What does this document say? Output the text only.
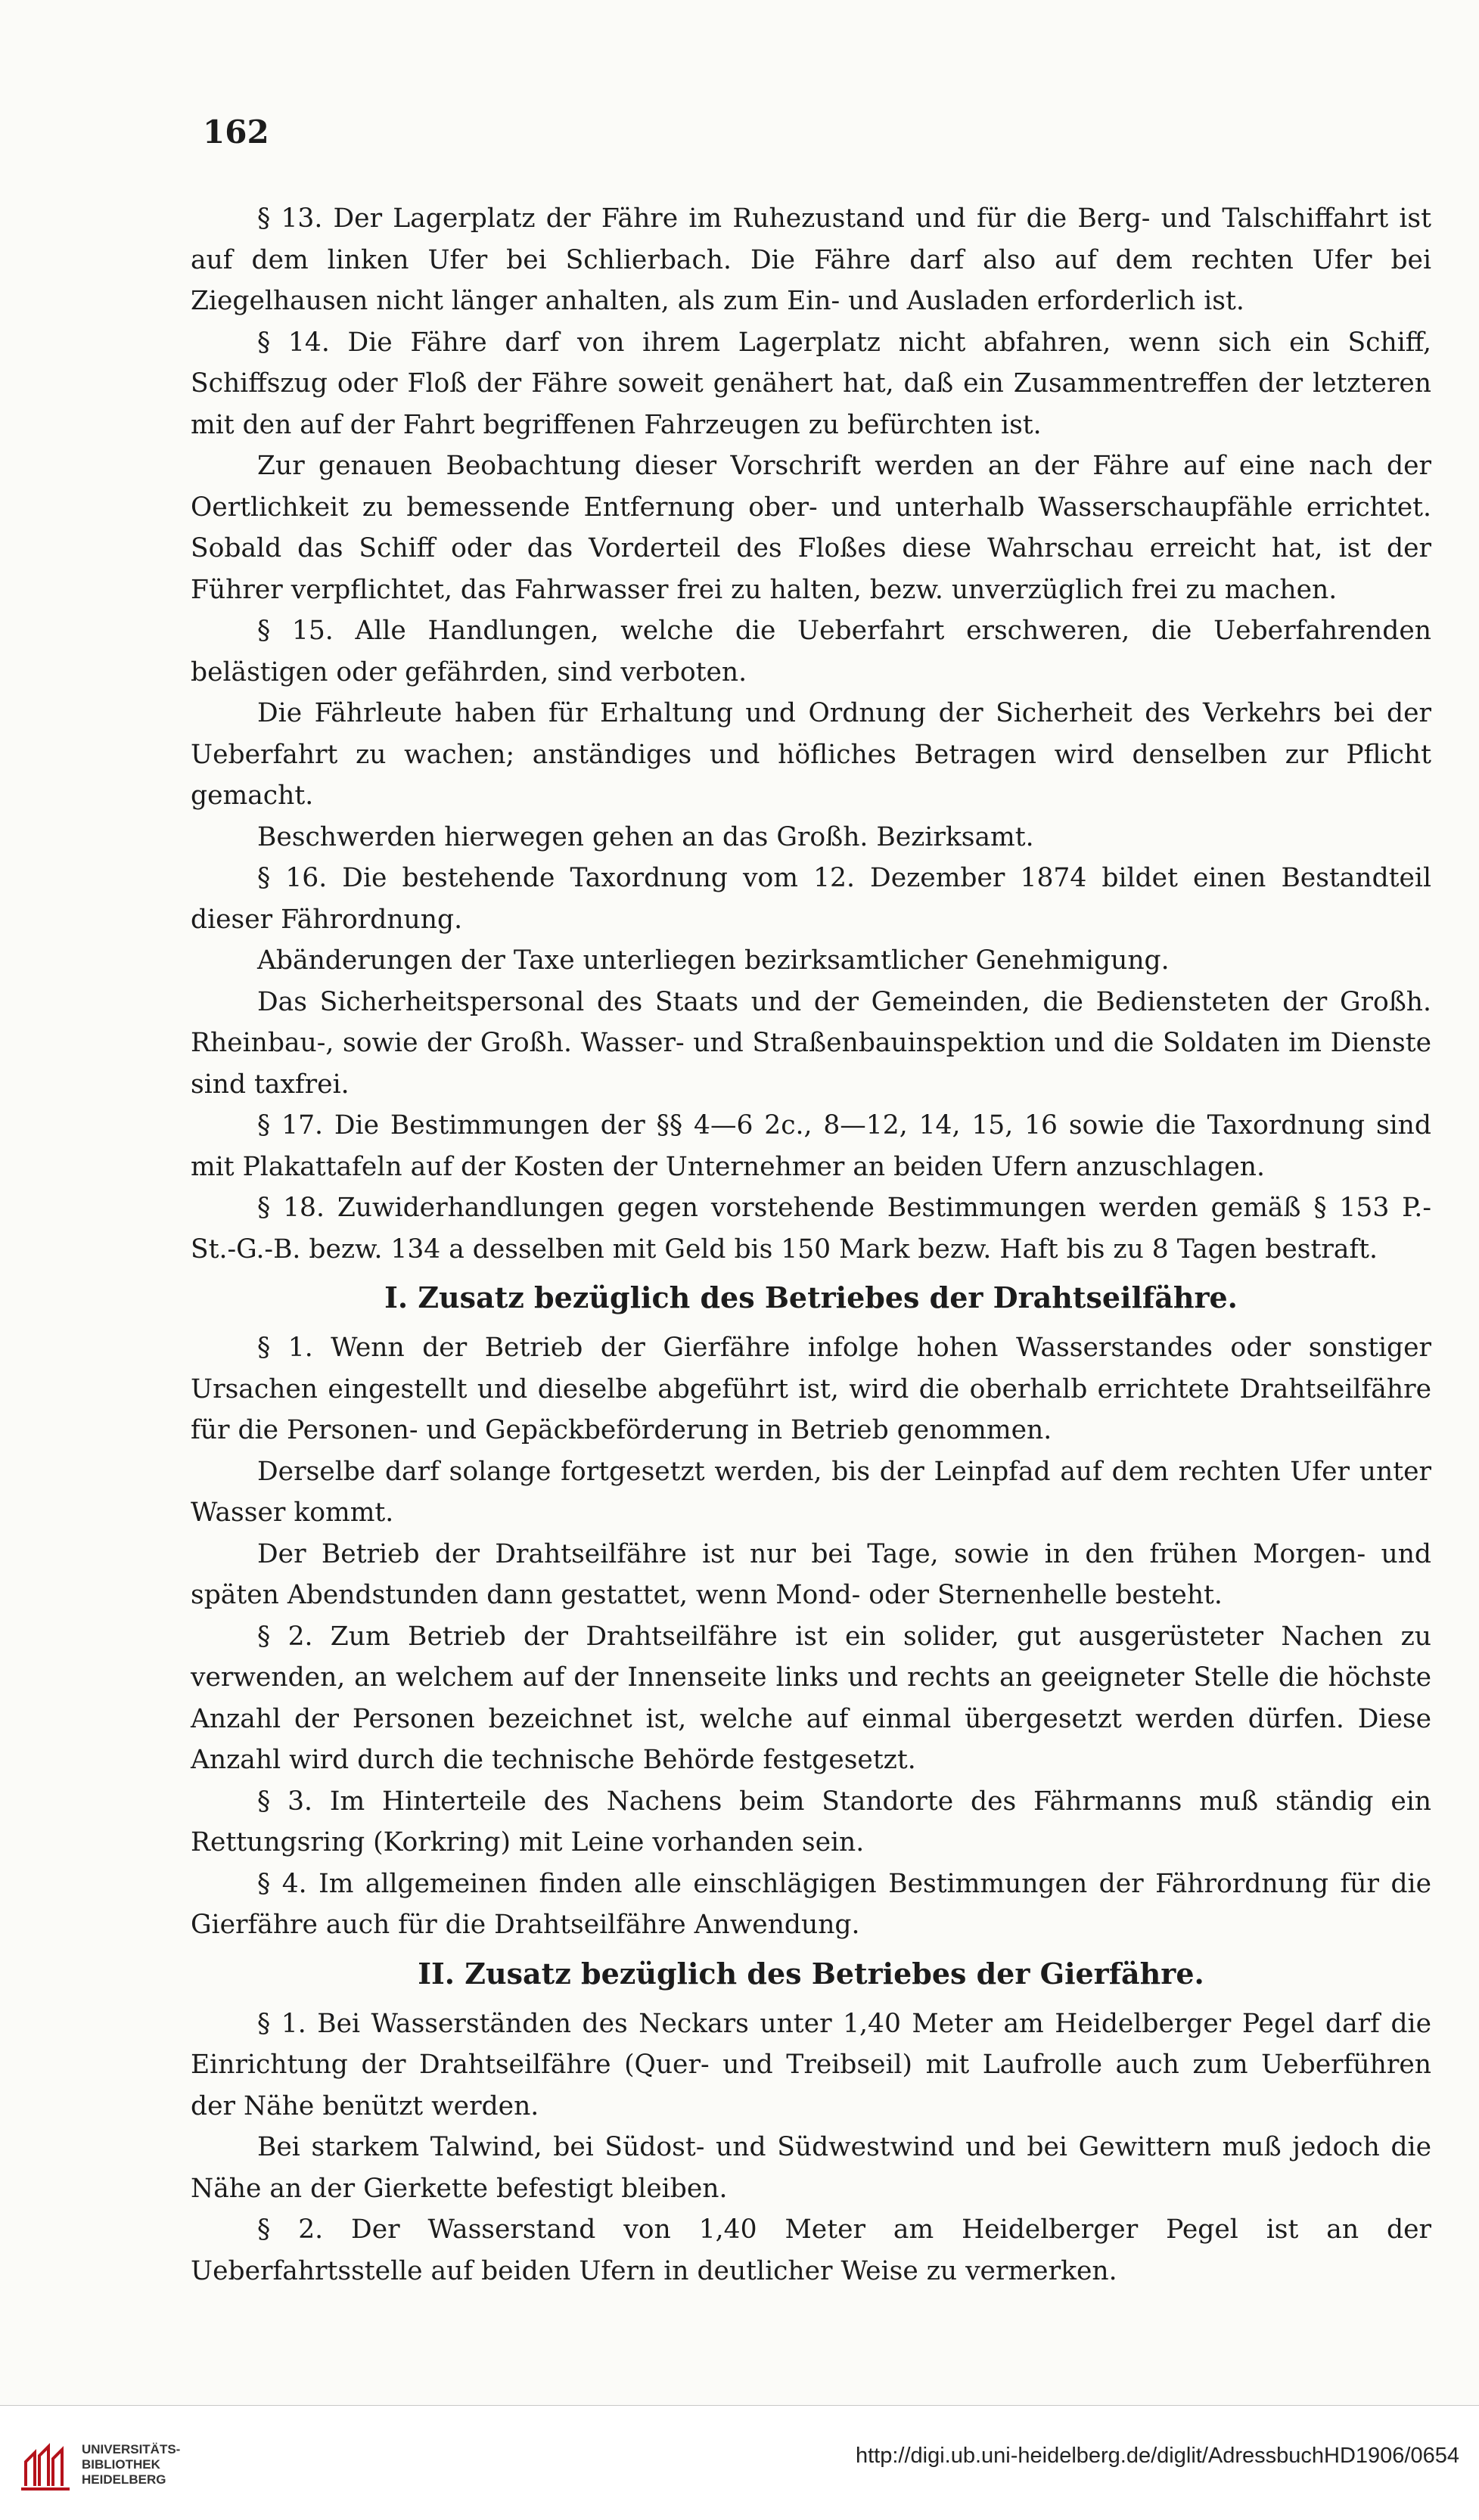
162

§ 13. Der Lagerplatz der Fähre im Ruhezustand und für die Berg- und Talschiffahrt ist auf dem linken Ufer bei Schlierbach. Die Fähre darf also auf dem rechten Ufer bei Ziegelhausen nicht länger anhalten, als zum Ein- und Ausladen erforderlich ist.

§ 14. Die Fähre darf von ihrem Lagerplatz nicht abfahren, wenn sich ein Schiff, Schiffszug oder Floß der Fähre soweit genähert hat, daß ein Zusammentreffen der letzteren mit den auf der Fahrt begriffenen Fahrzeugen zu befürchten ist.

Zur genauen Beobachtung dieser Vorschrift werden an der Fähre auf eine nach der Oertlichkeit zu bemessende Entfernung ober- und unterhalb Wasserschaupfähle errichtet. Sobald das Schiff oder das Vorderteil des Floßes diese Wahrschau erreicht hat, ist der Führer verpflichtet, das Fahrwasser frei zu halten, bezw. unverzüglich frei zu machen.

§ 15. Alle Handlungen, welche die Ueberfahrt erschweren, die Ueberfahrenden belästigen oder gefährden, sind verboten.

Die Fährleute haben für Erhaltung und Ordnung der Sicherheit des Verkehrs bei der Ueberfahrt zu wachen; anständiges und höfliches Betragen wird denselben zur Pflicht gemacht.

Beschwerden hierwegen gehen an das Großh. Bezirksamt.

§ 16. Die bestehende Taxordnung vom 12. Dezember 1874 bildet einen Bestandteil dieser Fährordnung.

Abänderungen der Taxe unterliegen bezirksamtlicher Genehmigung.

Das Sicherheitspersonal des Staats und der Gemeinden, die Bediensteten der Großh. Rheinbau-, sowie der Großh. Wasser- und Straßenbauinspektion und die Soldaten im Dienste sind taxfrei.

§ 17. Die Bestimmungen der §§ 4—6 2c., 8—12, 14, 15, 16 sowie die Taxordnung sind mit Plakattafeln auf der Kosten der Unternehmer an beiden Ufern anzuschlagen.

§ 18. Zuwiderhandlungen gegen vorstehende Bestimmungen werden gemäß § 153 P.-St.-G.-B. bezw. 134 a desselben mit Geld bis 150 Mark bezw. Haft bis zu 8 Tagen bestraft.

I. Zusatz bezüglich des Betriebes der Drahtseilfähre.

§ 1. Wenn der Betrieb der Gierfähre infolge hohen Wasserstandes oder sonstiger Ursachen eingestellt und dieselbe abgeführt ist, wird die oberhalb errichtete Drahtseilfähre für die Personen- und Gepäckbeförderung in Betrieb genommen.

Derselbe darf solange fortgesetzt werden, bis der Leinpfad auf dem rechten Ufer unter Wasser kommt.

Der Betrieb der Drahtseilfähre ist nur bei Tage, sowie in den frühen Morgen- und späten Abendstunden dann gestattet, wenn Mond- oder Sternenhelle besteht.

§ 2. Zum Betrieb der Drahtseilfähre ist ein solider, gut ausgerüsteter Nachen zu verwenden, an welchem auf der Innenseite links und rechts an geeigneter Stelle die höchste Anzahl der Personen bezeichnet ist, welche auf einmal übergesetzt werden dürfen. Diese Anzahl wird durch die technische Behörde festgesetzt.

§ 3. Im Hinterteile des Nachens beim Standorte des Fährmanns muß ständig ein Rettungsring (Korkring) mit Leine vorhanden sein.

§ 4. Im allgemeinen finden alle einschlägigen Bestimmungen der Fährordnung für die Gierfähre auch für die Drahtseilfähre Anwendung.

II. Zusatz bezüglich des Betriebes der Gierfähre.

§ 1. Bei Wasserständen des Neckars unter 1,40 Meter am Heidelberger Pegel darf die Einrichtung der Drahtseilfähre (Quer- und Treibseil) mit Laufrolle auch zum Ueberführen der Nähe benützt werden.

Bei starkem Talwind, bei Südost- und Südwestwind und bei Gewittern muß jedoch die Nähe an der Gierkette befestigt bleiben.

§ 2. Der Wasserstand von 1,40 Meter am Heidelberger Pegel ist an der Ueberfahrtsstelle auf beiden Ufern in deutlicher Weise zu vermerken.

UNIVERSITÄTS-
BIBLIOTHEK
HEIDELBERG
http://digi.ub.uni-heidelberg.de/diglit/AdressbuchHD1906/0654
